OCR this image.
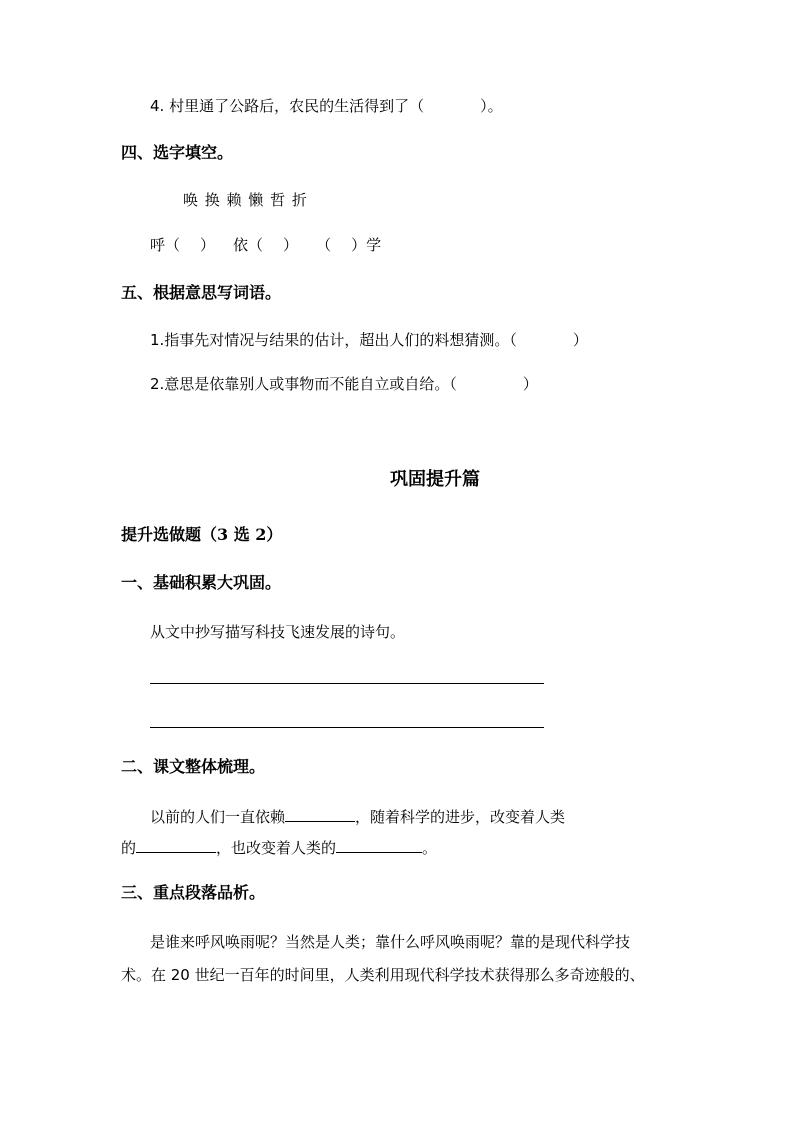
4. 村里通了公路后，农民的生活得到了（	）。
四、选字填空。
唤 换 赖 懒 哲 折
呼（ ） 依（ ） （ ）学
五、根据意思写词语。
1.指事先对情况与结果的估计，超出人们的料想猜测。（	）
2.意思是依靠别人或事物而不能自立或自给。（	）
巩固提升篇
提升选做题（3 选 2）
一、基础积累大巩固。
从文中抄写描写科技飞速发展的诗句。
二、课文整体梳理。
以前的人们一直依赖	，随着科学的进步，改变着人类
的	，也改变着人类的	。
三、重点段落品析。
是谁来呼风唤雨呢？当然是人类；靠什么呼风唤雨呢？靠的是现代科学技
术。在 20 世纪一百年的时间里，人类利用现代科学技术获得那么多奇迹般的、
